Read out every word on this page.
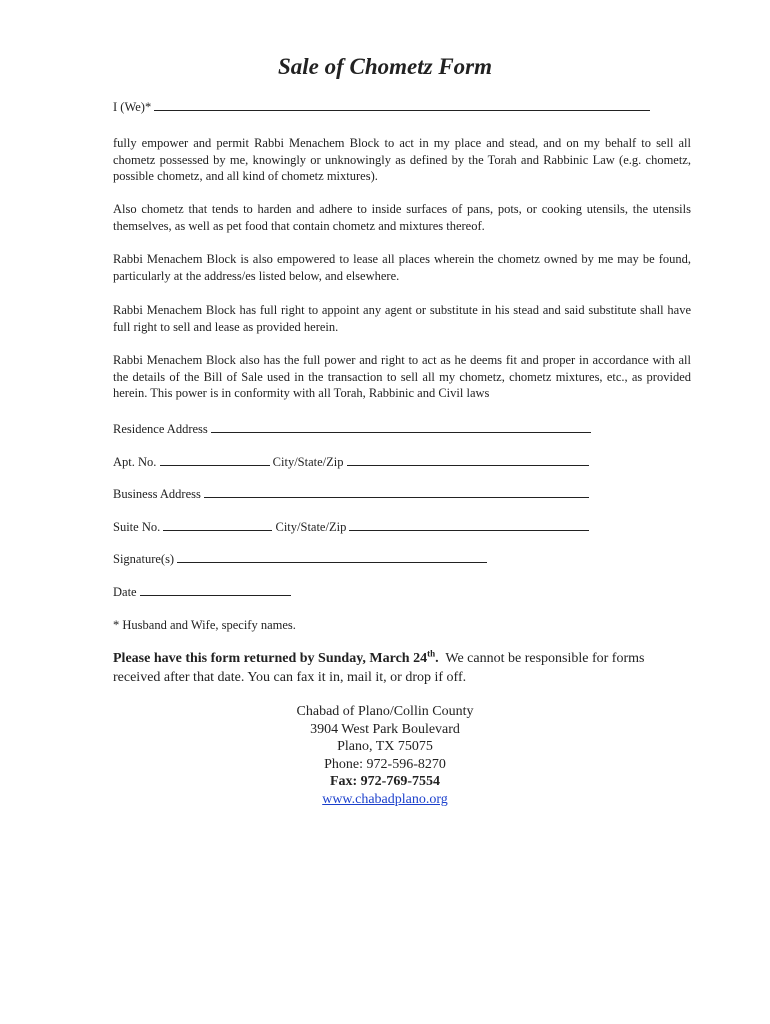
Sale of Chometz Form
I (We)*
fully empower and permit Rabbi Menachem Block to act in my place and stead, and on my behalf to sell all chometz possessed by me, knowingly or unknowingly as defined by the Torah and Rabbinic Law (e.g. chometz, possible chometz, and all kind of chometz mixtures).
Also chometz that tends to harden and adhere to inside surfaces of pans, pots, or cooking utensils, the utensils themselves, as well as pet food that contain chometz and mixtures thereof.
Rabbi Menachem Block is also empowered to lease all places wherein the chometz owned by me may be found, particularly at the address/es listed below, and elsewhere.
Rabbi Menachem Block has full right to appoint any agent or substitute in his stead and said substitute shall have full right to sell and lease as provided herein.
Rabbi Menachem Block also has the full power and right to act as he deems fit and proper in accordance with all the details of the Bill of Sale used in the transaction to sell all my chometz, chometz mixtures, etc., as provided herein. This power is in conformity with all Torah, Rabbinic and Civil laws
Residence Address
Apt. No.	City/State/Zip
Business Address
Suite No.	City/State/Zip
Signature(s)
Date
* Husband and Wife, specify names.
Please have this form returned by Sunday, March 24th. We cannot be responsible for forms
received after that date. You can fax it in, mail it, or drop if off.
Chabad of Plano/Collin County
3904 West Park Boulevard
Plano, TX 75075
Phone: 972-596-8270
Fax: 972-769-7554
www.chabadplano.org
